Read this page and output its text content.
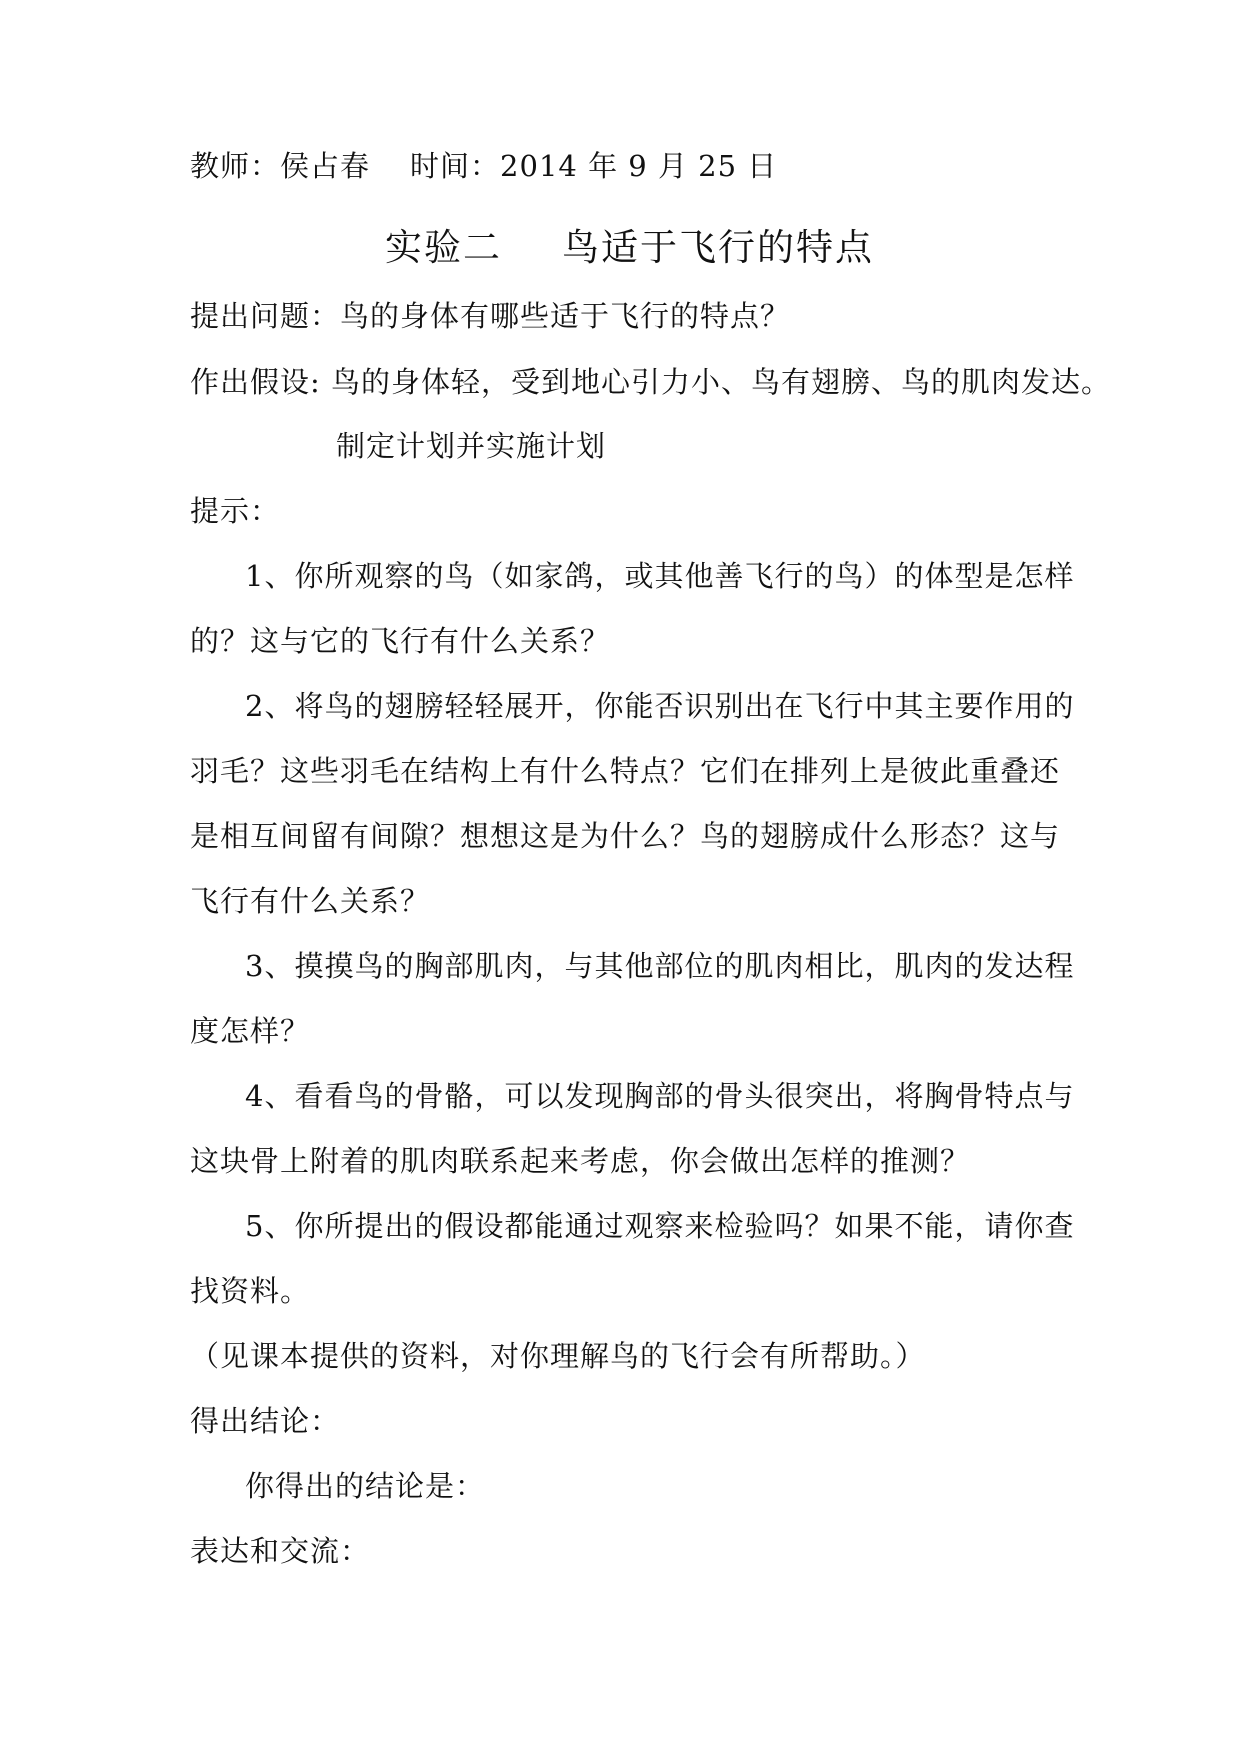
教师：侯占春 时间：2014 年 9 月 25 日
实验二 鸟适于飞行的特点
提出问题：鸟的身体有哪些适于飞行的特点？
作出假设: 鸟的身体轻，受到地心引力小、鸟有翅膀、鸟的肌肉发达。
制定计划并实施计划
提示：
1、你所观察的鸟（如家鸽，或其他善飞行的鸟）的体型是怎样
的？这与它的飞行有什么关系？
2、将鸟的翅膀轻轻展开，你能否识别出在飞行中其主要作用的
羽毛？这些羽毛在结构上有什么特点？它们在排列上是彼此重叠还
是相互间留有间隙？想想这是为什么？鸟的翅膀成什么形态？这与
飞行有什么关系？
3、摸摸鸟的胸部肌肉，与其他部位的肌肉相比，肌肉的发达程
度怎样？
4、看看鸟的骨骼，可以发现胸部的骨头很突出，将胸骨特点与
这块骨上附着的肌肉联系起来考虑，你会做出怎样的推测？
5、你所提出的假设都能通过观察来检验吗？如果不能，请你查
找资料。
（见课本提供的资料，对你理解鸟的飞行会有所帮助。）
得出结论：
你得出的结论是：
表达和交流：
